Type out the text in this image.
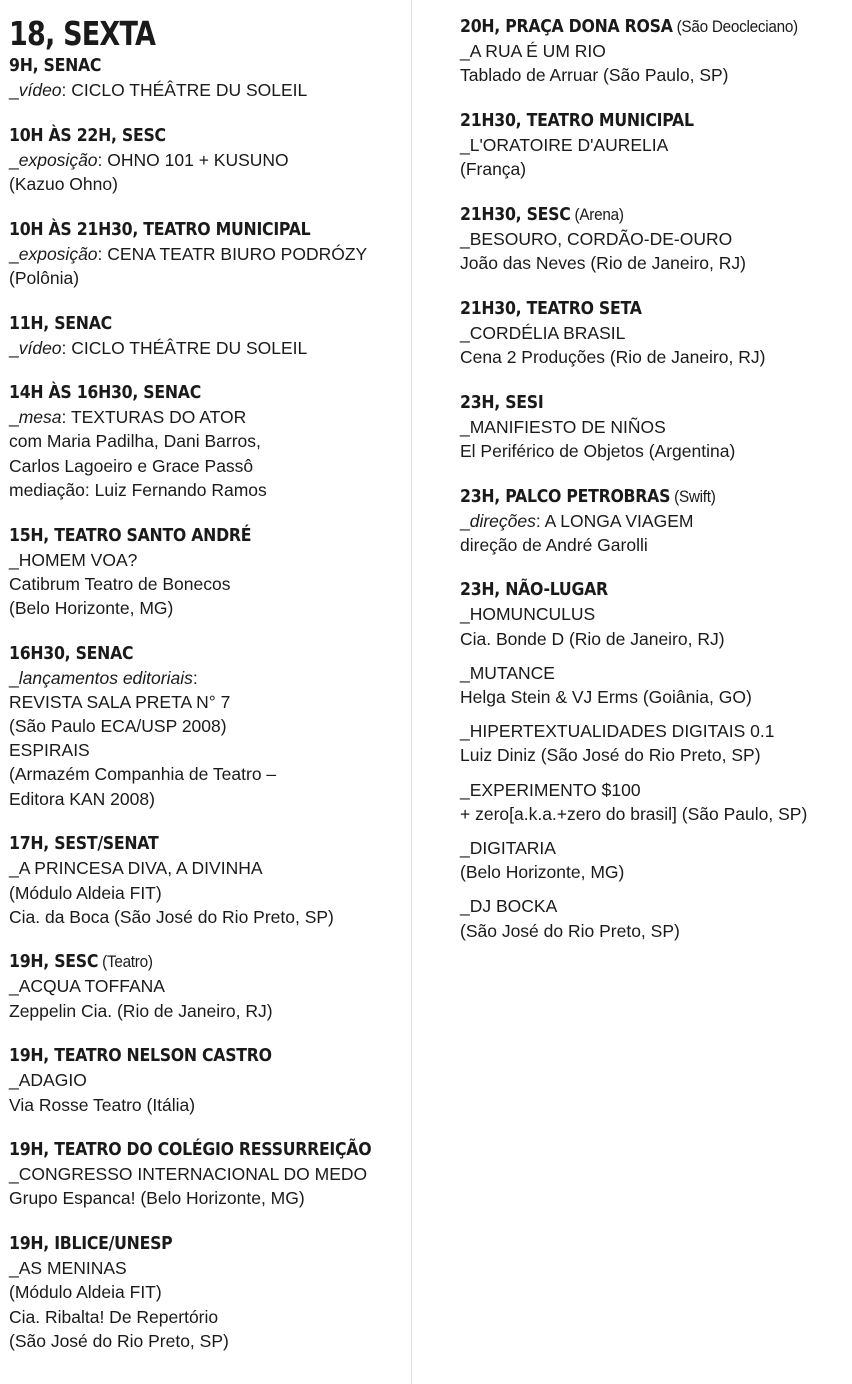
18, SEXTA
9H, SENAC
_vídeo: CICLO THÉÂTRE DU SOLEIL
10H ÀS 22H, SESC
_exposição: OHNO 101 + KUSUNO
(Kazuo Ohno)
10H ÀS 21H30, TEATRO MUNICIPAL
_exposição: CENA TEATR BIURO PODRÓZY
(Polônia)
11H, SENAC
_vídeo: CICLO THÉÂTRE DU SOLEIL
14H ÀS 16H30, SENAC
_mesa: TEXTURAS DO ATOR
com Maria Padilha, Dani Barros,
Carlos Lagoeiro e Grace Passô
mediação: Luiz Fernando Ramos
15H, TEATRO SANTO ANDRÉ
_HOMEM VOA?
Catibrum Teatro de Bonecos
(Belo Horizonte, MG)
16H30, SENAC
_lançamentos editoriais:
REVISTA SALA PRETA N° 7
(São Paulo ECA/USP 2008)
ESPIRAIS
(Armazém Companhia de Teatro –
Editora KAN 2008)
17H, SEST/SENAT
_A PRINCESA DIVA, A DIVINHA
(Módulo Aldeia FIT)
Cia. da Boca (São José do Rio Preto, SP)
19H, SESC (Teatro)
_ACQUA TOFFANA
Zeppelin Cia. (Rio de Janeiro, RJ)
19H, TEATRO NELSON CASTRO
_ADAGIO
Via Rosse Teatro (Itália)
19H, TEATRO DO COLÉGIO RESSURREIÇÃO
_CONGRESSO INTERNACIONAL DO MEDO
Grupo Espanca! (Belo Horizonte, MG)
19H, IBLICE/UNESP
_AS MENINAS
(Módulo Aldeia FIT)
Cia. Ribalta! De Repertório
(São José do Rio Preto, SP)
20H, PRAÇA DONA ROSA (São Deocleciano)
_A RUA É UM RIO
Tablado de Arruar (São Paulo, SP)
21H30, TEATRO MUNICIPAL
_L'ORATOIRE D'AURELIA
(França)
21H30, SESC (Arena)
_BESOURO, CORDÃO-DE-OURO
João das Neves (Rio de Janeiro, RJ)
21H30, TEATRO SETA
_CORDÉLIA BRASIL
Cena 2 Produções (Rio de Janeiro, RJ)
23H, SESI
_MANIFIESTO DE NIÑOS
El Periférico de Objetos (Argentina)
23H, PALCO PETROBRAS (Swift)
_direções: A LONGA VIAGEM
direção de André Garolli
23H, NÃO-LUGAR
_HOMUNCULUS
Cia. Bonde D (Rio de Janeiro, RJ)
_MUTANCE
Helga Stein & VJ Erms (Goiânia, GO)
_HIPERTEXTUALIDADES DIGITAIS 0.1
Luiz Diniz (São José do Rio Preto, SP)
_EXPERIMENTO $100
+ zero[a.k.a.+zero do brasil] (São Paulo, SP)
_DIGITARIA
(Belo Horizonte, MG)
_DJ BOCKA
(São José do Rio Preto, SP)
